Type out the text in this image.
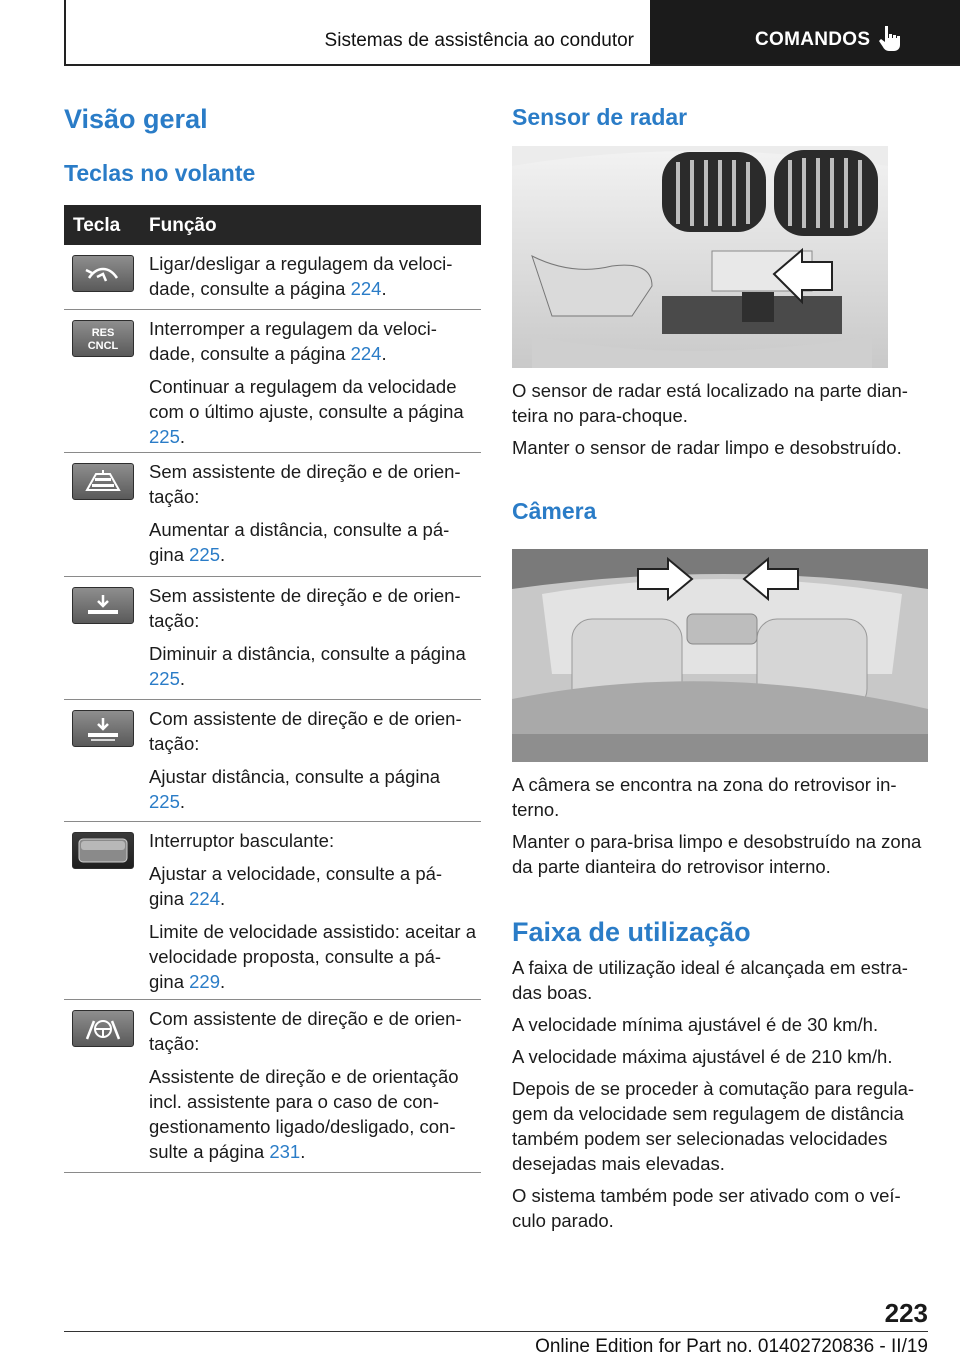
Sistemas de assistência ao condutor	COMANDOS
Visão geral
Teclas no volante
Tecla Função

Ligar/desligar a regulagem da veloci‐ dade, consulte a página 224.

RES
CNCL

Interromper a regulagem da veloci‐ dade, consulte a página 224.

Continuar a regulagem da velocidade com o último ajuste, consulte a página 225.

Sem assistente de direção e de orien‐ tação:

Aumentar a distância, consulte a pá‐ gina 225.

Sem assistente de direção e de orien‐ tação:

Diminuir a distância, consulte a página 225.

Com assistente de direção e de orien‐ tação:

Ajustar distância, consulte a página 225.

Interruptor basculante:

Ajustar a velocidade, consulte a pá‐ gina 224.

Limite de velocidade assistido: aceitar a velocidade proposta, consulte a pá‐ gina 229.

Com assistente de direção e de orien‐ tação:

Assistente de direção e de orientação incl. assistente para o caso de con‐ gestionamento ligado/desligado, con‐ sulte a página 231.

Sensor de radar

O sensor de radar está localizado na parte dian‐ teira no para-choque.

Manter o sensor de radar limpo e desobstruído.

Câmera

A câmera se encontra na zona do retrovisor in‐ terno.

Manter o para-brisa limpo e desobstruído na zona da parte dianteira do retrovisor interno.

Faixa de utilização

A faixa de utilização ideal é alcançada em estra‐ das boas.

A velocidade mínima ajustável é de 30 km/h.

A velocidade máxima ajustável é de 210 km/h.

Depois de se proceder à comutação para regula‐ gem da velocidade sem regulagem de distância também podem ser selecionadas velocidades desejadas mais elevadas.

O sistema também pode ser ativado com o veí‐ culo parado.

223
Online Edition for Part no. 01402720836 - II/19
